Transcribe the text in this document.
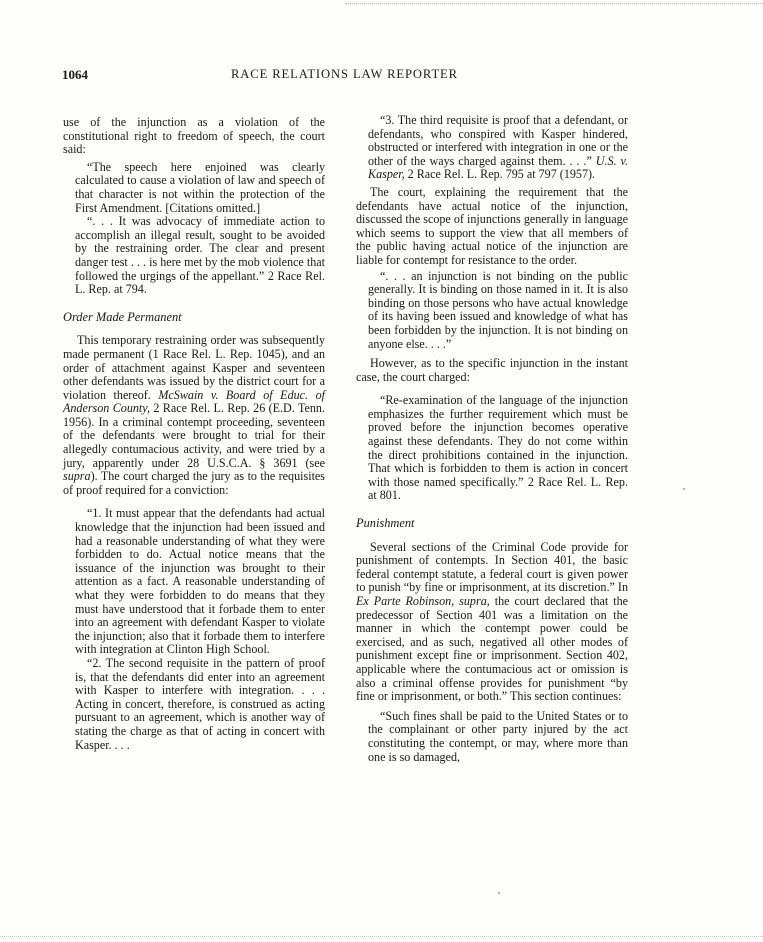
1064	RACE RELATIONS LAW REPORTER

use of the injunction as a violation of the constitutional right to freedom of speech, the court said:

“The speech here enjoined was clearly calculated to cause a violation of law and speech of that character is not within the protection of the First Amendment. [Citations omitted.]

“. . . It was advocacy of immediate action to accomplish an illegal result, sought to be avoided by the restraining order. The clear and present danger test . . . is here met by the mob violence that followed the urgings of the appellant.” 2 Race Rel. L. Rep. at 794.

Order Made Permanent

This temporary restraining order was subsequently made permanent (1 Race Rel. L. Rep. 1045), and an order of attachment against Kasper and seventeen other defendants was issued by the district court for a violation thereof. McSwain v. Board of Educ. of Anderson County, 2 Race Rel. L. Rep. 26 (E.D. Tenn. 1956). In a criminal contempt proceeding, seventeen of the defendants were brought to trial for their allegedly contumacious activity, and were tried by a jury, apparently under 28 U.S.C.A. § 3691 (see supra). The court charged the jury as to the requisites of proof required for a conviction:

“1. It must appear that the defendants had actual knowledge that the injunction had been issued and had a reasonable understanding of what they were forbidden to do. Actual notice means that the issuance of the injunction was brought to their attention as a fact. A reasonable understanding of what they were forbidden to do means that they must have understood that it forbade them to enter into an agreement with defendant Kasper to violate the injunction; also that it forbade them to interfere with integration at Clinton High School.

“2. The second requisite in the pattern of proof is, that the defendants did enter into an agreement with Kasper to interfere with integration. . . . Acting in concert, therefore, is construed as acting pursuant to an agreement, which is another way of stating the charge as that of acting in concert with Kasper. . . .

“3. The third requisite is proof that a defendant, or defendants, who conspired with Kasper hindered, obstructed or interfered with integration in one or the other of the ways charged against them. . . .” U.S. v. Kasper, 2 Race Rel. L. Rep. 795 at 797 (1957).

The court, explaining the requirement that the defendants have actual notice of the injunction, discussed the scope of injunctions generally in language which seems to support the view that all members of the public having actual notice of the injunction are liable for contempt for resistance to the order.

“. . . an injunction is not binding on the public generally. It is binding on those named in it. It is also binding on those persons who have actual knowledge of its having been issued and knowledge of what has been forbidden by the injunction. It is not binding on anyone else. . . .”

However, as to the specific injunction in the instant case, the court charged:

“Re-examination of the language of the injunction emphasizes the further requirement which must be proved before the injunction becomes operative against these defendants. They do not come within the direct prohibitions contained in the injunction. That which is forbidden to them is action in concert with those named specifically.” 2 Race Rel. L. Rep. at 801.

Punishment

Several sections of the Criminal Code provide for punishment of contempts. In Section 401, the basic federal contempt statute, a federal court is given power to punish “by fine or imprisonment, at its discretion.” In Ex Parte Robinson, supra, the court declared that the predecessor of Section 401 was a limitation on the manner in which the contempt power could be exercised, and as such, negatived all other modes of punishment except fine or imprisonment. Section 402, applicable where the contumacious act or omission is also a criminal offense provides for punishment “by fine or imprisonment, or both.” This section continues:

“Such fines shall be paid to the United States or to the complainant or other party injured by the act constituting the contempt, or may, where more than one is so damaged,
